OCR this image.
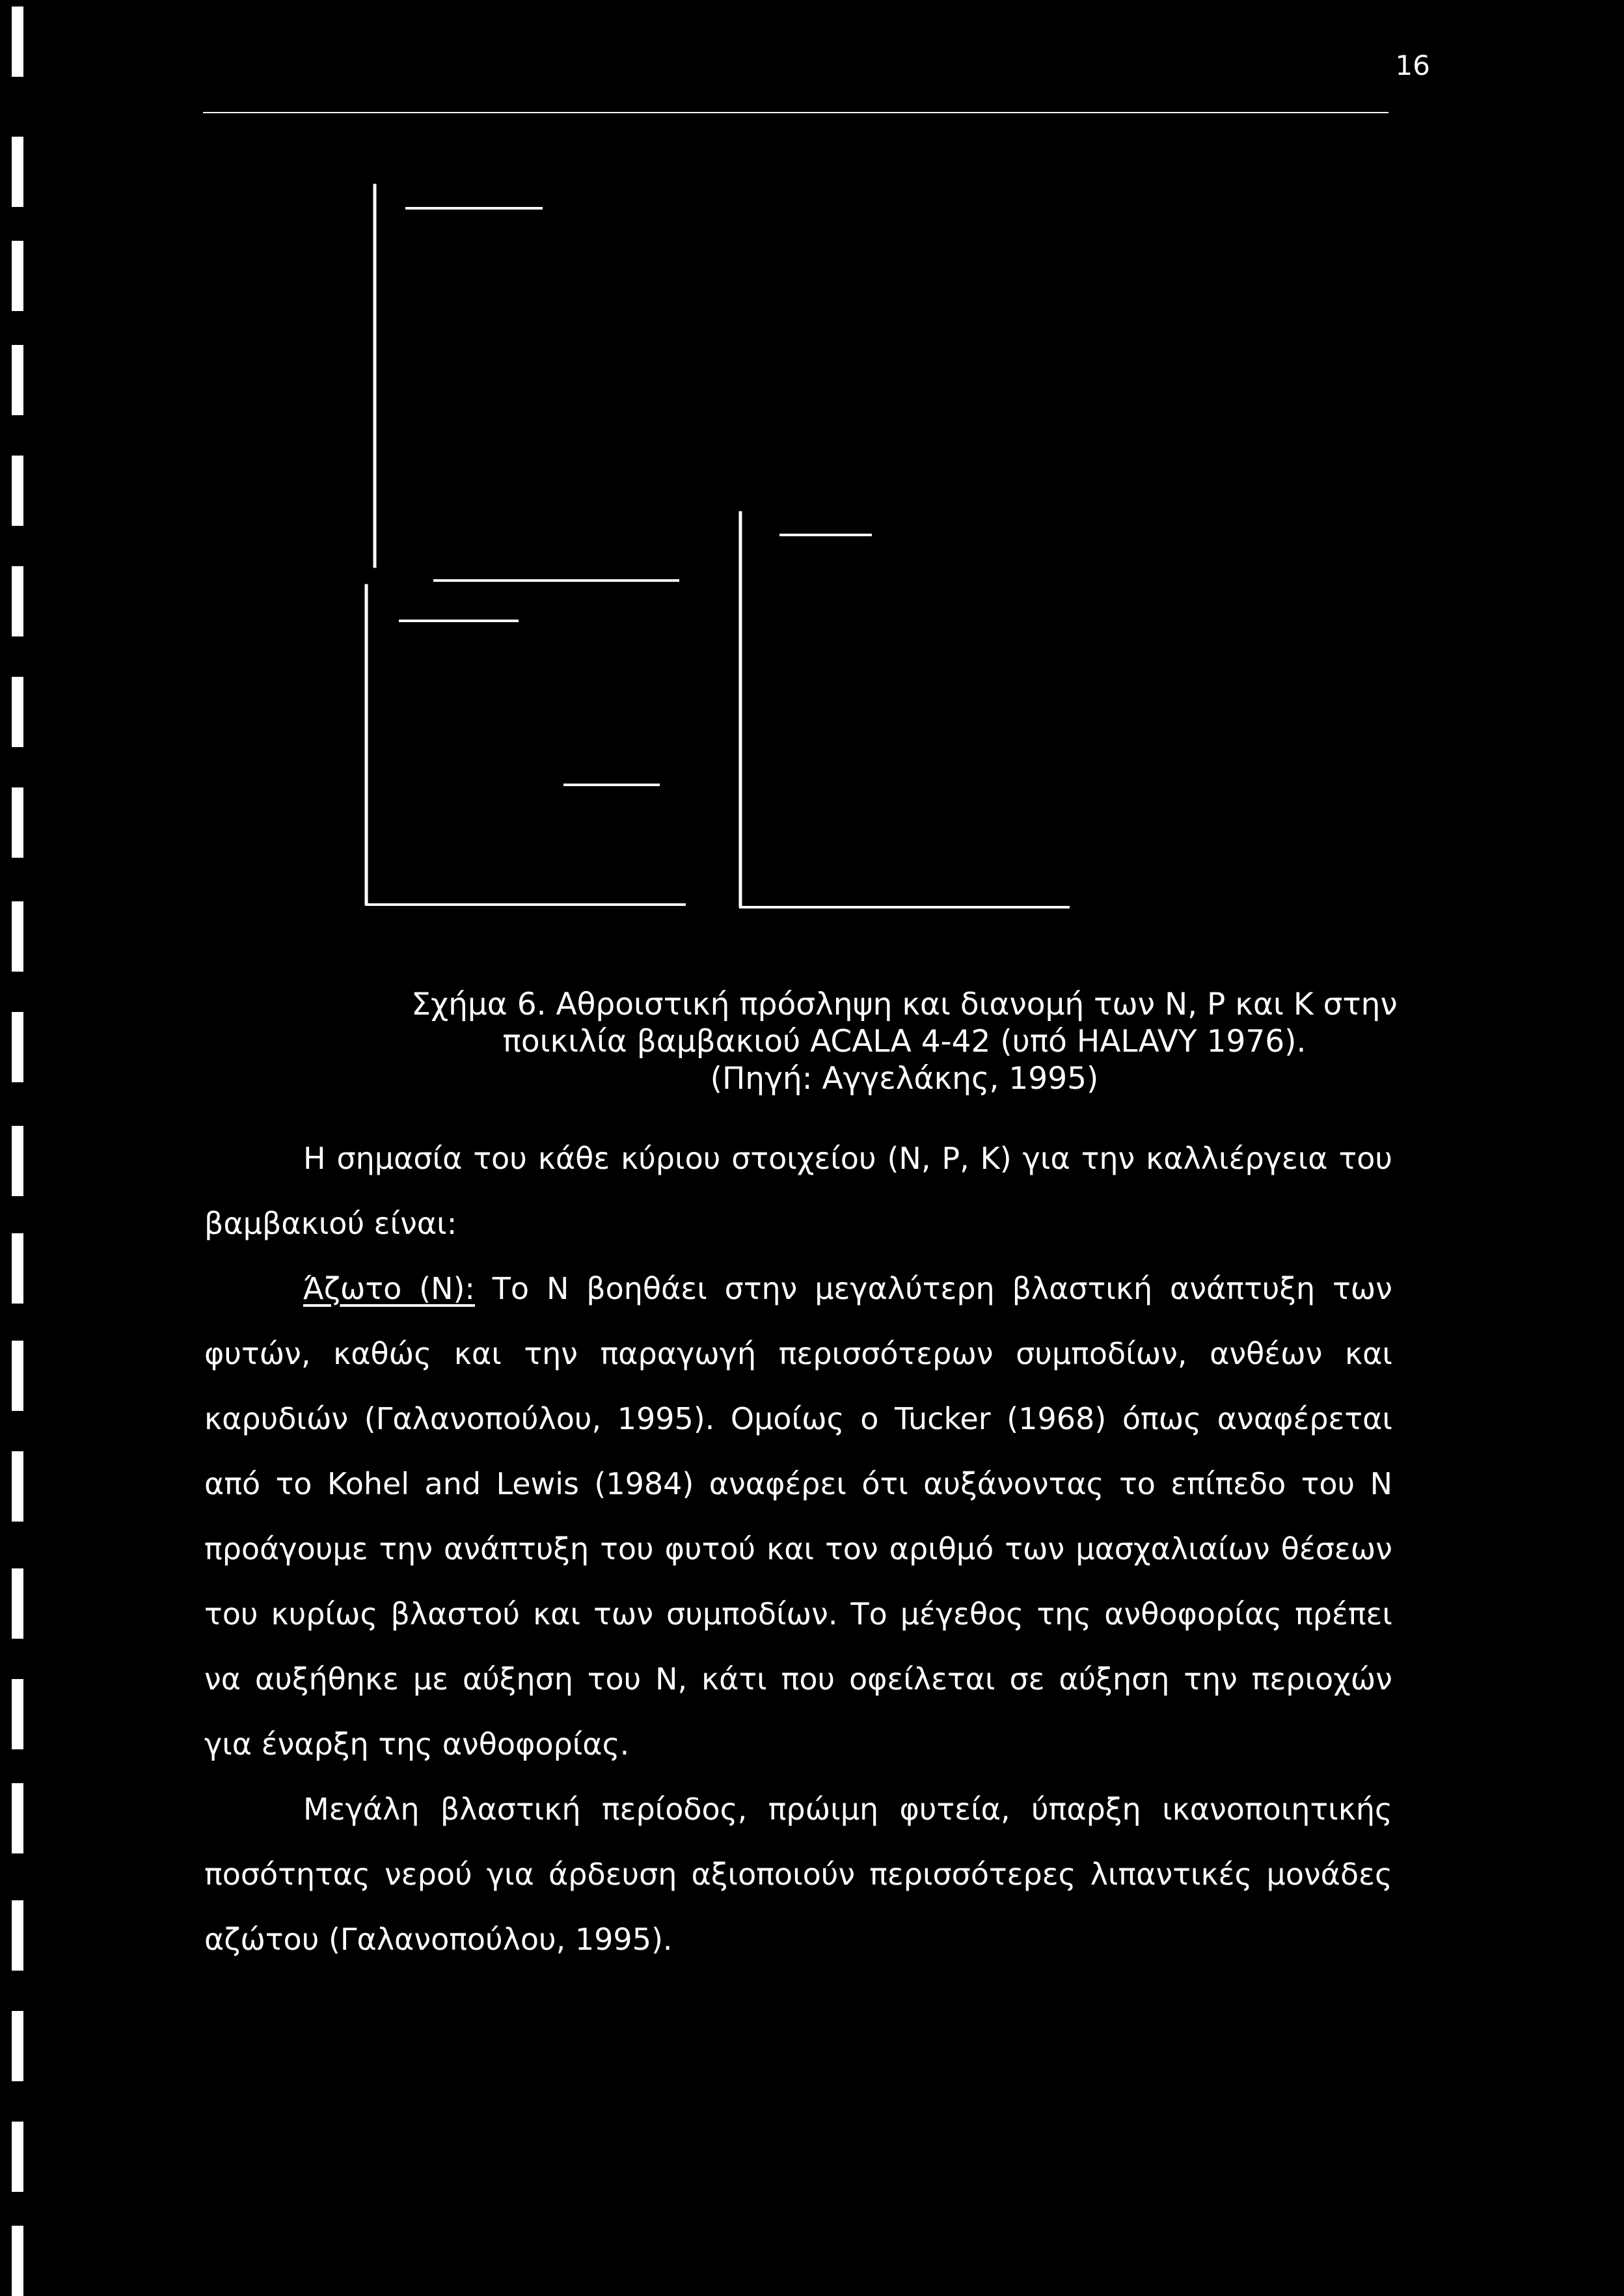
16
Σχήμα 6. Αθροιστική πρόσληψη και διανομή των N, P και K στην
ποικιλία βαμβακιού ACALA 4-42 (υπό HALAVY 1976).
(Πηγή: Αγγελάκης, 1995)

Η σημασία του κάθε κύριου στοιχείου (N, P, K) για την καλλιέργεια του βαμβακιού είναι:

Άζωτο (N): Το N βοηθάει στην μεγαλύτερη βλαστική ανάπτυξη των φυτών, καθώς και την παραγωγή περισσότερων συμποδίων, ανθέων και καρυδιών (Γαλανοπούλου, 1995). Ομοίως ο Tucker (1968) όπως αναφέρεται από το Kohel and Lewis (1984) αναφέρει ότι αυξάνοντας το επίπεδο του N προάγουμε την ανάπτυξη του φυτού και τον αριθμό των μασχαλιαίων θέσεων του κυρίως βλαστού και των συμποδίων. Το μέγεθος της ανθοφορίας πρέπει να αυξήθηκε με αύξηση του N, κάτι που οφείλεται σε αύξηση την περιοχών για έναρξη της ανθοφορίας.

Μεγάλη βλαστική περίοδος, πρώιμη φυτεία, ύπαρξη ικανοποιητικής ποσότητας νερού για άρδευση αξιοποιούν περισσότερες λιπαντικές μονάδες αζώτου (Γαλανοπούλου, 1995).
